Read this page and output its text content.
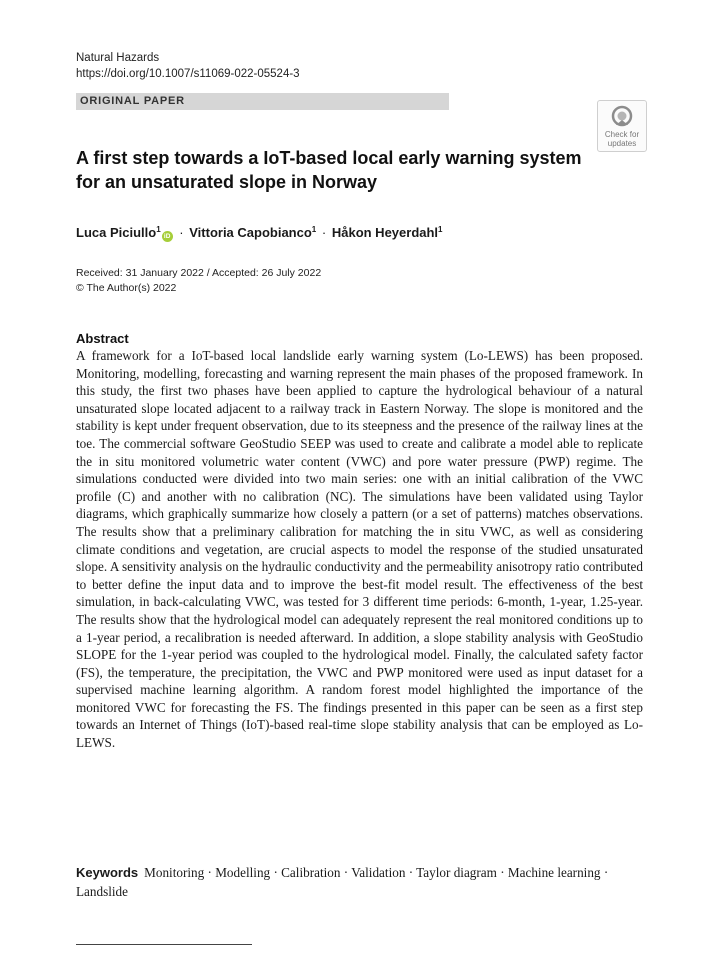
Natural Hazards
https://doi.org/10.1007/s11069-022-05524-3
ORIGINAL PAPER
Check for
updates
A first step towards a IoT-based local early warning system for an unsaturated slope in Norway
Luca Piciullo$^1$iD · Vittoria Capobianco$^1$ · Håkon Heyerdahl$^1$
Received: 31 January 2022 / Accepted: 26 July 2022
© The Author(s) 2022
Abstract
A framework for a IoT-based local landslide early warning system (Lo-LEWS) has been proposed. Monitoring, modelling, forecasting and warning represent the main phases of the proposed framework. In this study, the first two phases have been applied to capture the hydrological behaviour of a natural unsaturated slope located adjacent to a railway track in Eastern Norway. The slope is monitored and the stability is kept under frequent observation, due to its steepness and the presence of the railway lines at the toe. The commercial software GeoStudio SEEP was used to create and calibrate a model able to replicate the in situ monitored volumetric water content (VWC) and pore water pressure (PWP) regime. The simulations conducted were divided into two main series: one with an initial calibration of the VWC profile (C) and another with no calibration (NC). The simulations have been validated using Taylor diagrams, which graphically summarize how closely a pattern (or a set of patterns) matches observations. The results show that a preliminary calibration for matching the in situ VWC, as well as considering climate conditions and vegetation, are crucial aspects to model the response of the studied unsaturated slope. A sensitivity analysis on the hydraulic conductivity and the permeability anisotropy ratio contributed to better define the input data and to improve the best-fit model result. The effectiveness of the best simulation, in back-calculating VWC, was tested for 3 different time periods: 6-month, 1-year, 1.25-year. The results show that the hydrological model can adequately represent the real monitored conditions up to a 1-year period, a recalibration is needed afterward. In addition, a slope stability analysis with GeoStudio SLOPE for the 1-year period was coupled to the hydrological model. Finally, the calculated safety factor (FS), the temperature, the precipitation, the VWC and PWP monitored were used as input dataset for a supervised machine learning algorithm. A random forest model highlighted the importance of the monitored VWC for forecasting the FS. The findings presented in this paper can be seen as a first step towards an Internet of Things (IoT)-based real-time slope stability analysis that can be employed as Lo-LEWS.
Keywords Monitoring · Modelling · Calibration · Validation · Taylor diagram · Machine learning · Landslide
